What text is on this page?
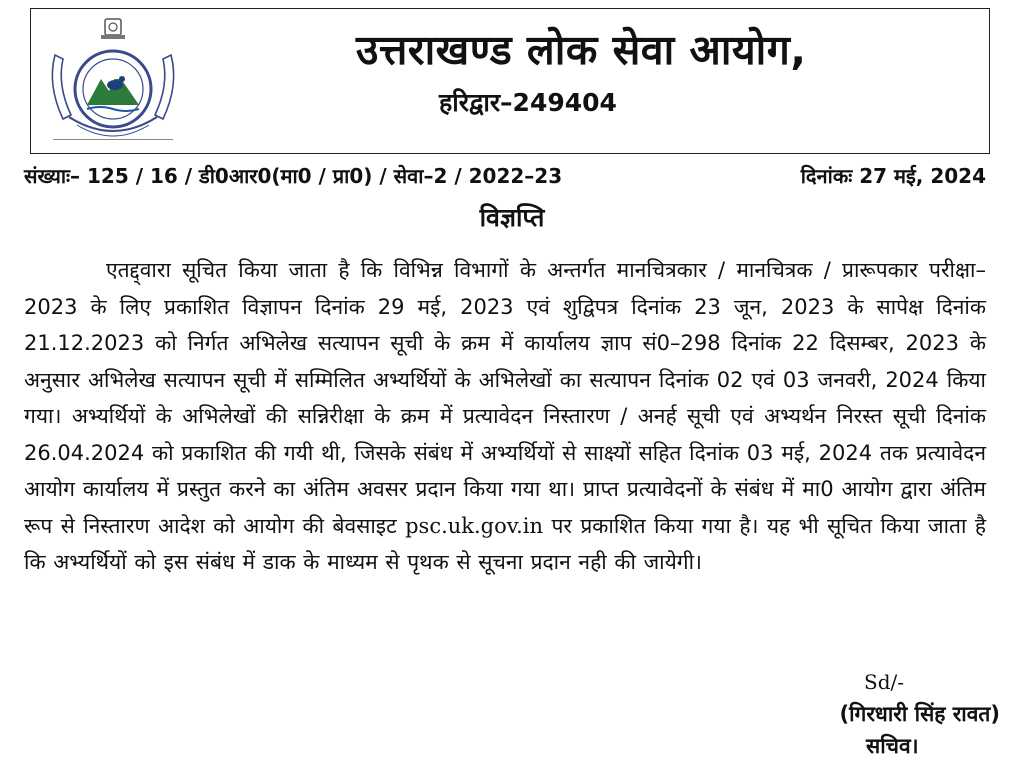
उत्तराखण्ड लोक सेवा आयोग,
हरिद्वार–249404
संख्याः– 125 / 16 / डी0आर0(मा0 / प्रा0) / सेवा–2 / 2022–23	दिनांकः 27 मई, 2024
विज्ञप्ति
एतद्द्वारा सूचित किया जाता है कि विभिन्न विभागों के अन्तर्गत मानचित्रकार / मानचित्रक / प्रारूपकार परीक्षा–2023 के लिए प्रकाशित विज्ञापन दिनांक 29 मई, 2023 एवं शुद्विपत्र दिनांक 23 जून, 2023 के सापेक्ष दिनांक 21.12.2023 को निर्गत अभिलेख सत्यापन सूची के क्रम में कार्यालय ज्ञाप सं0–298 दिनांक 22 दिसम्बर, 2023 के अनुसार अभिलेख सत्यापन सूची में सम्मिलित अभ्यर्थियों के अभिलेखों का सत्यापन दिनांक 02 एवं 03 जनवरी, 2024 किया गया। अभ्यर्थियों के अभिलेखों की सन्निरीक्षा के क्रम में प्रत्यावेदन निस्तारण / अनर्ह सूची एवं अभ्यर्थन निरस्त सूची दिनांक 26.04.2024 को प्रकाशित की गयी थी, जिसके संबंध में अभ्यर्थियों से साक्ष्यों सहित दिनांक 03 मई, 2024 तक प्रत्यावेदन आयोग कार्यालय में प्रस्तुत करने का अंतिम अवसर प्रदान किया गया था। प्राप्त प्रत्यावेदनों के संबंध में मा0 आयोग द्वारा अंतिम रूप से निस्तारण आदेश को आयोग की बेवसाइट psc.uk.gov.in पर प्रकाशित किया गया है। यह भी सूचित किया जाता है कि अभ्यर्थियों को इस संबंध में डाक के माध्यम से पृथक से सूचना प्रदान नही की जायेगी।
Sd/-
(गिरधारी सिंह रावत)
सचिव।
